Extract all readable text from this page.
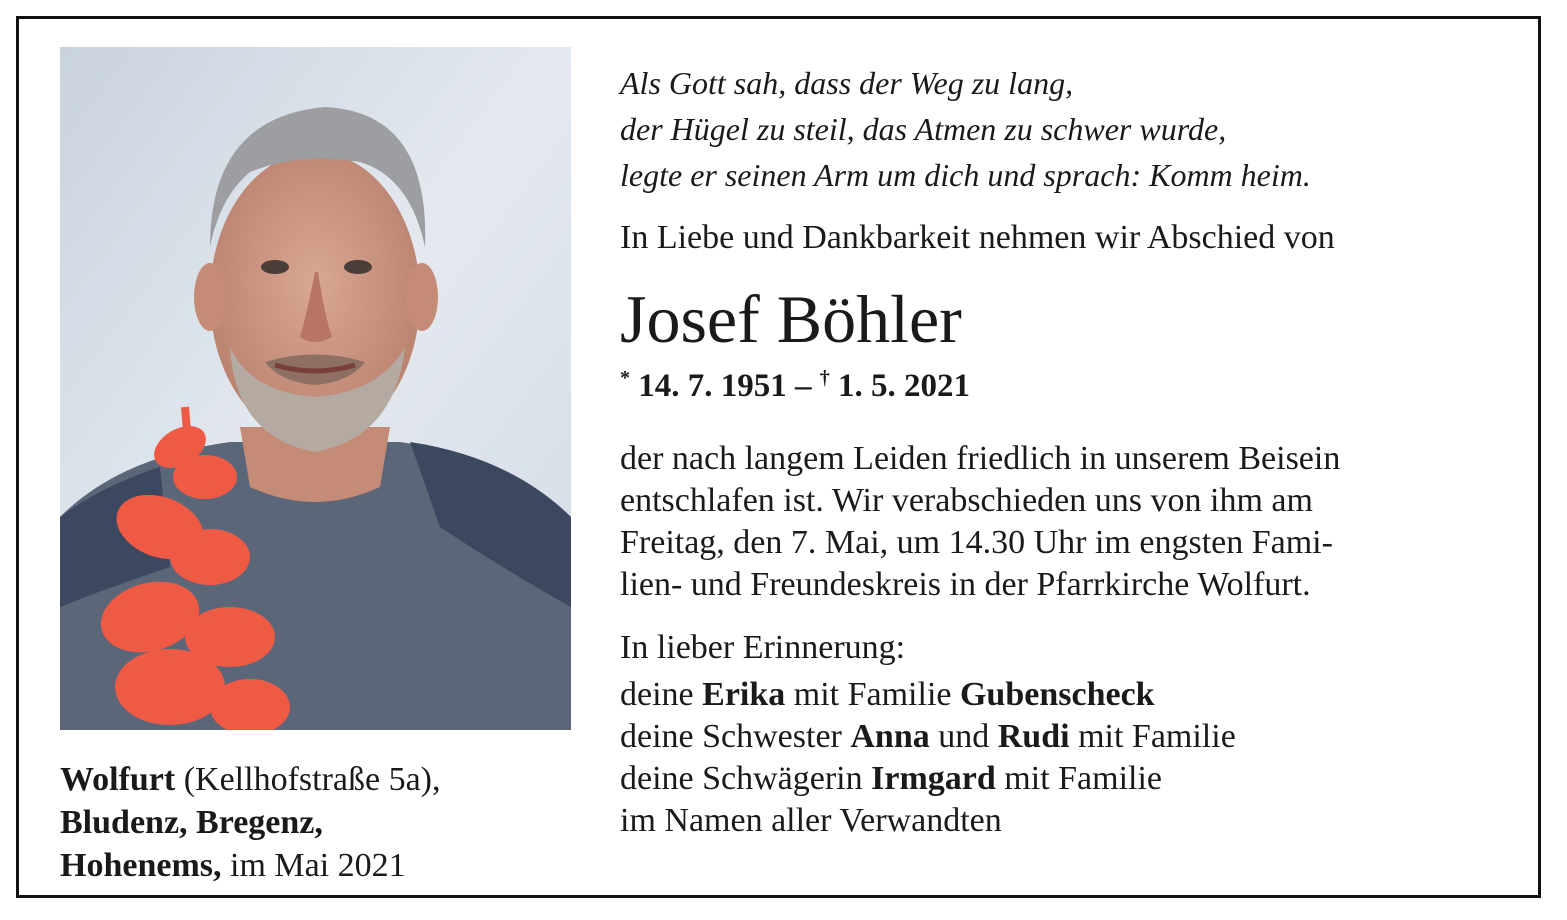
Wolfurt (Kellhofstraße 5a),
Bludenz, Bregenz,
Hohenems, im Mai 2021
Als Gott sah, dass der Weg zu lang,
der Hügel zu steil, das Atmen zu schwer wurde,
legte er seinen Arm um dich und sprach: Komm heim.
In Liebe und Dankbarkeit nehmen wir Abschied von
Josef Böhler
* 14. 7. 1951 – † 1. 5. 2021
der nach langem Leiden friedlich in unserem Beisein
entschlafen ist. Wir verabschieden uns von ihm am
Freitag, den 7. Mai, um 14.30 Uhr im engsten Fami-
lien- und Freundeskreis in der Pfarrkirche Wolfurt.
In lieber Erinnerung:
deine Erika mit Familie Gubenscheck
deine Schwester Anna und Rudi mit Familie
deine Schwägerin Irmgard mit Familie
im Namen aller Verwandten
